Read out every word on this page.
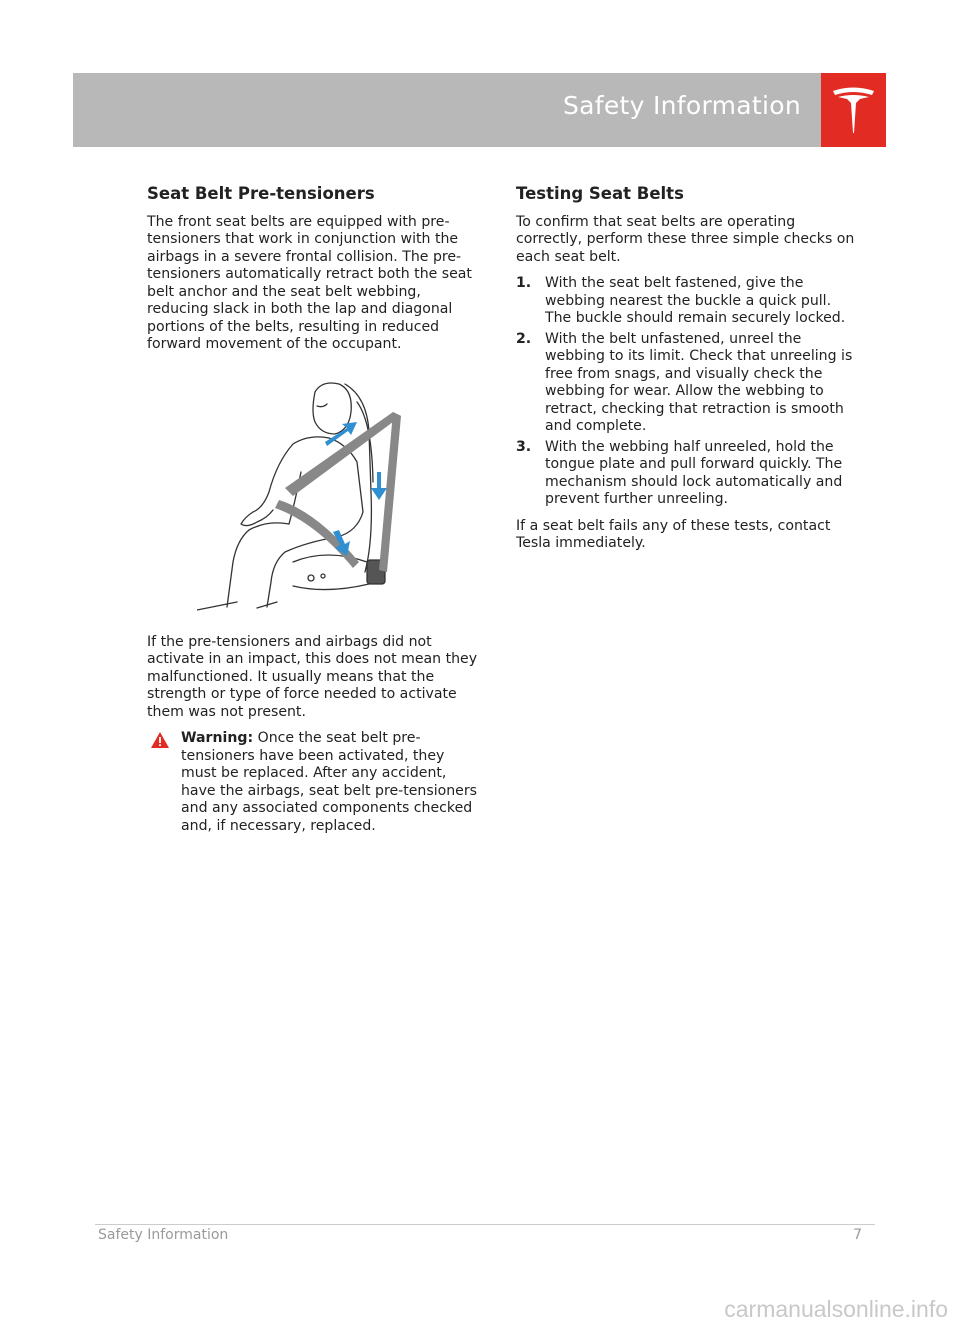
Safety Information
Seat Belt Pre-tensioners

The front seat belts are equipped with pre-tensioners that work in conjunction with the airbags in a severe frontal collision. The pre-tensioners automatically retract both the seat belt anchor and the seat belt webbing, reducing slack in both the lap and diagonal portions of the belts, resulting in reduced forward movement of the occupant.

If the pre-tensioners and airbags did not activate in an impact, this does not mean they malfunctioned. It usually means that the strength or type of force needed to activate them was not present.

Warning: Once the seat belt pre-tensioners have been activated, they must be replaced. After any accident, have the airbags, seat belt pre-tensioners and any associated components checked and, if necessary, replaced.
Testing Seat Belts

To confirm that seat belts are operating correctly, perform these three simple checks on each seat belt.

1. With the seat belt fastened, give the webbing nearest the buckle a quick pull. The buckle should remain securely locked.
2. With the belt unfastened, unreel the webbing to its limit. Check that unreeling is free from snags, and visually check the webbing for wear. Allow the webbing to retract, checking that retraction is smooth and complete.
3. With the webbing half unreeled, hold the tongue plate and pull forward quickly. The mechanism should lock automatically and prevent further unreeling.

If a seat belt fails any of these tests, contact Tesla immediately.

Safety Information	7
carmanualsonline.info
